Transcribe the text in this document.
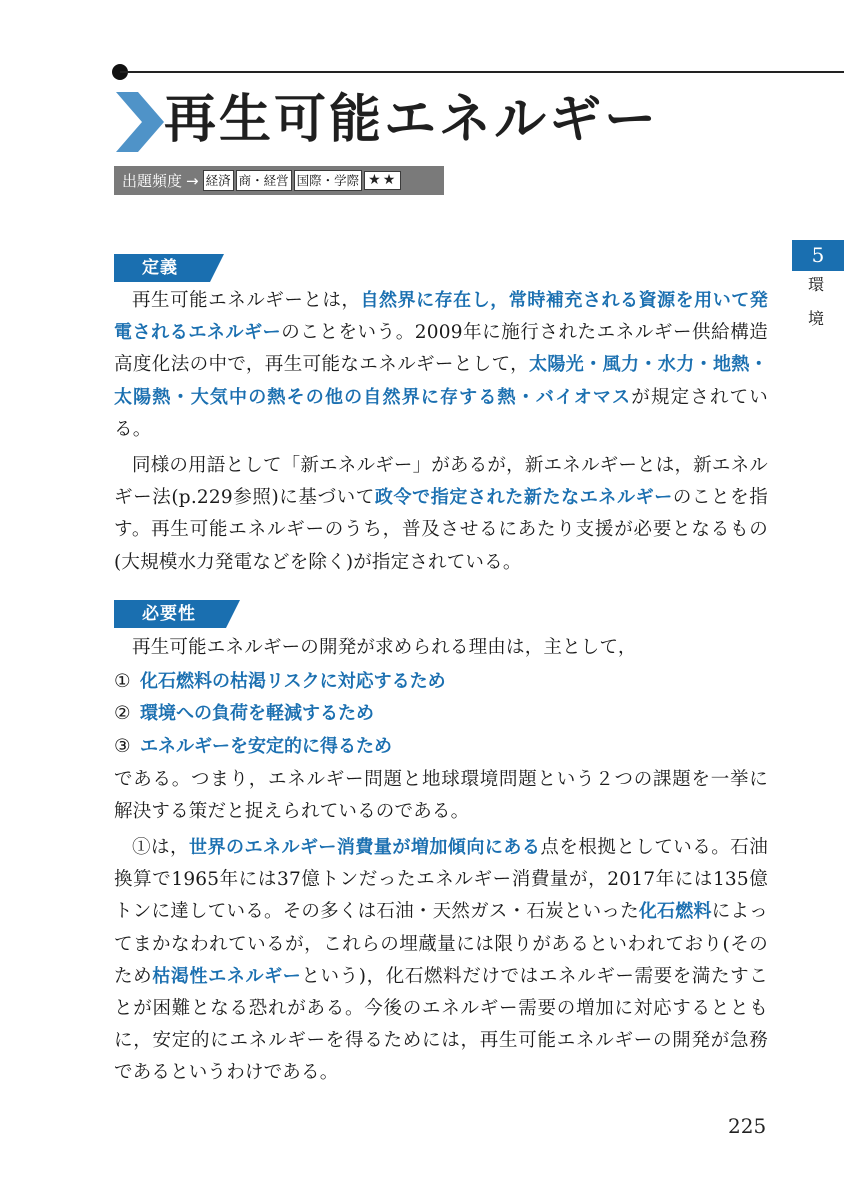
再生可能エネルギー
出題頻度 → 経済 商・経営 国際・学際 ★★
5
環
境
定義

再生可能エネルギーとは，自然界に存在し，常時補充される資源を用いて発電されるエネルギーのことをいう。2009年に施行されたエネルギー供給構造高度化法の中で，再生可能なエネルギーとして，太陽光・風力・水力・地熱・太陽熱・大気中の熱その他の自然界に存する熱・バイオマスが規定されている。

同様の用語として「新エネルギー」があるが，新エネルギーとは，新エネルギー法(p.229参照)に基づいて政令で指定された新たなエネルギーのことを指す。再生可能エネルギーのうち，普及させるにあたり支援が必要となるもの(大規模水力発電などを除く)が指定されている。

必要性

再生可能エネルギーの開発が求められる理由は，主として，

① 化石燃料の枯渇リスクに対応するため
② 環境への負荷を軽減するため
③ エネルギーを安定的に得るため

である。つまり，エネルギー問題と地球環境問題という２つの課題を一挙に解決する策だと捉えられているのである。

①は，世界のエネルギー消費量が増加傾向にある点を根拠としている。石油換算で1965年には37億トンだったエネルギー消費量が，2017年には135億トンに達している。その多くは石油・天然ガス・石炭といった化石燃料によってまかなわれているが，これらの埋蔵量には限りがあるといわれており(そのため枯渇性エネルギーという)，化石燃料だけではエネルギー需要を満たすことが困難となる恐れがある。今後のエネルギー需要の増加に対応するとともに，安定的にエネルギーを得るためには，再生可能エネルギーの開発が急務であるというわけである。

225
